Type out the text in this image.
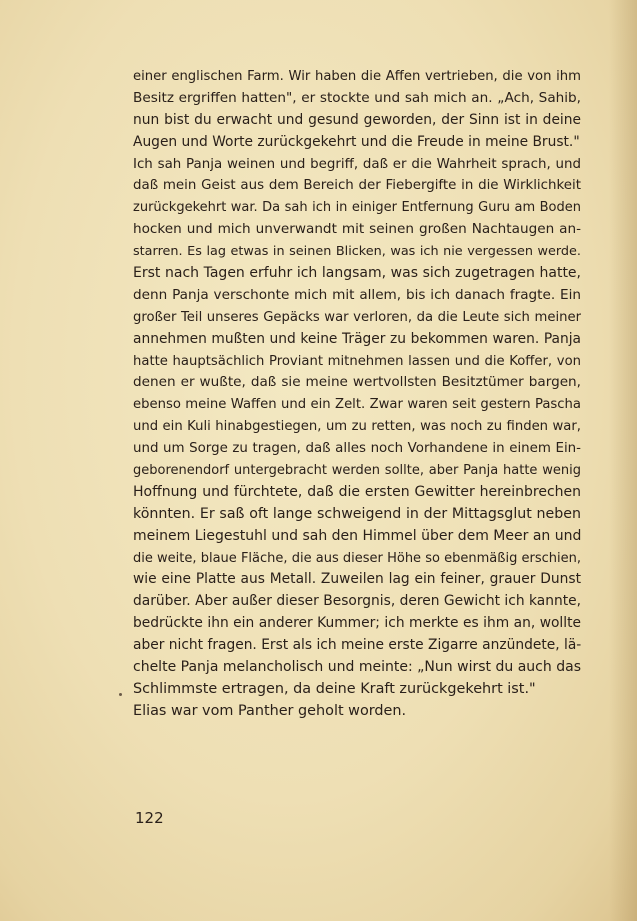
einer englischen Farm. Wir haben die Affen vertrieben, die von ihm
Besitz ergriffen hatten", er stockte und sah mich an. „Ach, Sahib,
nun bist du erwacht und gesund geworden, der Sinn ist in deine
Augen und Worte zurückgekehrt und die Freude in meine Brust."
Ich sah Panja weinen und begriff, daß er die Wahrheit sprach, und
daß mein Geist aus dem Bereich der Fiebergifte in die Wirklichkeit
zurückgekehrt war. Da sah ich in einiger Entfernung Guru am Boden
hocken und mich unverwandt mit seinen großen Nachtaugen an-
starren. Es lag etwas in seinen Blicken, was ich nie vergessen werde.
Erst nach Tagen erfuhr ich langsam, was sich zugetragen hatte,
denn Panja verschonte mich mit allem, bis ich danach fragte. Ein
großer Teil unseres Gepäcks war verloren, da die Leute sich meiner
annehmen mußten und keine Träger zu bekommen waren. Panja
hatte hauptsächlich Proviant mitnehmen lassen und die Koffer, von
denen er wußte, daß sie meine wertvollsten Besitztümer bargen,
ebenso meine Waffen und ein Zelt. Zwar waren seit gestern Pascha
und ein Kuli hinabgestiegen, um zu retten, was noch zu finden war,
und um Sorge zu tragen, daß alles noch Vorhandene in einem Ein-
geborenendorf untergebracht werden sollte, aber Panja hatte wenig
Hoffnung und fürchtete, daß die ersten Gewitter hereinbrechen
könnten. Er saß oft lange schweigend in der Mittagsglut neben
meinem Liegestuhl und sah den Himmel über dem Meer an und
die weite, blaue Fläche, die aus dieser Höhe so ebenmäßig erschien,
wie eine Platte aus Metall. Zuweilen lag ein feiner, grauer Dunst
darüber. Aber außer dieser Besorgnis, deren Gewicht ich kannte,
bedrückte ihn ein anderer Kummer; ich merkte es ihm an, wollte
aber nicht fragen. Erst als ich meine erste Zigarre anzündete, lä-
chelte Panja melancholisch und meinte: „Nun wirst du auch das
Schlimmste ertragen, da deine Kraft zurückgekehrt ist."
Elias war vom Panther geholt worden.
122
